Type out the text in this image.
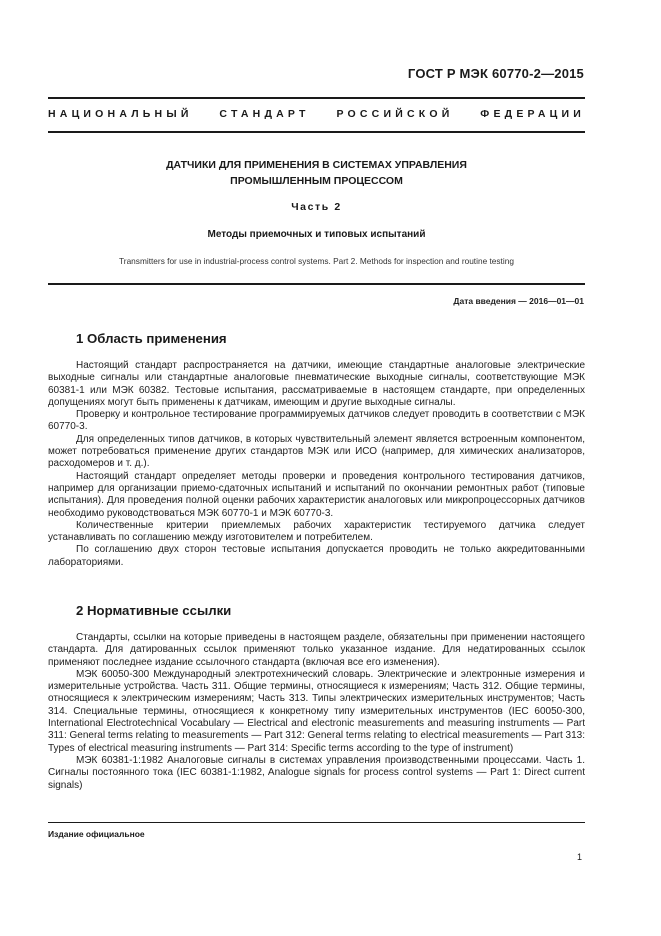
ГОСТ Р МЭК 60770-2—2015
НАЦИОНАЛЬНЫЙ	СТАНДАРТ	РОССИЙСКОЙ	ФЕДЕРАЦИИ
ДАТЧИКИ ДЛЯ ПРИМЕНЕНИЯ В СИСТЕМАХ УПРАВЛЕНИЯ
ПРОМЫШЛЕННЫМ ПРОЦЕССОМ
Часть 2
Методы приемочных и типовых испытаний
Transmitters for use in industrial-process control systems. Part 2. Methods for inspection and routine testing
Дата введения — 2016—01—01
1 Область применения

Настоящий стандарт распространяется на датчики, имеющие стандартные аналоговые электрические выходные сигналы или стандартные аналоговые пневматические выходные сигналы, соответствующие МЭК 60381-1 или МЭК 60382. Тестовые испытания, рассматриваемые в настоящем стандарте, при определенных допущениях могут быть применены к датчикам, имеющим и другие выходные сигналы.

Проверку и контрольное тестирование программируемых датчиков следует проводить в соответствии с МЭК 60770-3.

Для определенных типов датчиков, в которых чувствительный элемент является встроенным компонентом, может потребоваться применение других стандартов МЭК или ИСО (например, для химических анализаторов, расходомеров и т. д.).

Настоящий стандарт определяет методы проверки и проведения контрольного тестирования датчиков, например для организации приемо-сдаточных испытаний и испытаний по окончании ремонтных работ (типовые испытания). Для проведения полной оценки рабочих характеристик аналоговых или микропроцессорных датчиков необходимо руководствоваться МЭК 60770-1 и МЭК 60770-3.

Количественные критерии приемлемых рабочих характеристик тестируемого датчика следует устанавливать по соглашению между изготовителем и потребителем.

По соглашению двух сторон тестовые испытания допускается проводить не только аккредитованными лабораториями.

2 Нормативные ссылки

Стандарты, ссылки на которые приведены в настоящем разделе, обязательны при применении настоящего стандарта. Для датированных ссылок применяют только указанное издание. Для недатированных ссылок применяют последнее издание ссылочного стандарта (включая все его изменения).

МЭК 60050-300 Международный электротехнический словарь. Электрические и электронные измерения и измерительные устройства. Часть 311. Общие термины, относящиеся к измерениям; Часть 312. Общие термины, относящиеся к электрическим измерениям; Часть 313. Типы электрических измерительных инструментов; Часть 314. Специальные термины, относящиеся к конкретному типу измерительных инструментов (IEC 60050-300, International Electrotechnical Vocabulary — Electrical and electronic measurements and measuring instruments — Part 311: General terms relating to measurements — Part 312: General terms relating to electrical measurements — Part 313: Types of electrical measuring instruments — Part 314: Specific terms according to the type of instrument)

МЭК 60381-1:1982 Аналоговые сигналы в системах управления производственными процессами. Часть 1. Сигналы постоянного тока (IEC 60381-1:1982, Analogue signals for process control systems — Part 1: Direct current signals)

Издание официальное
1
